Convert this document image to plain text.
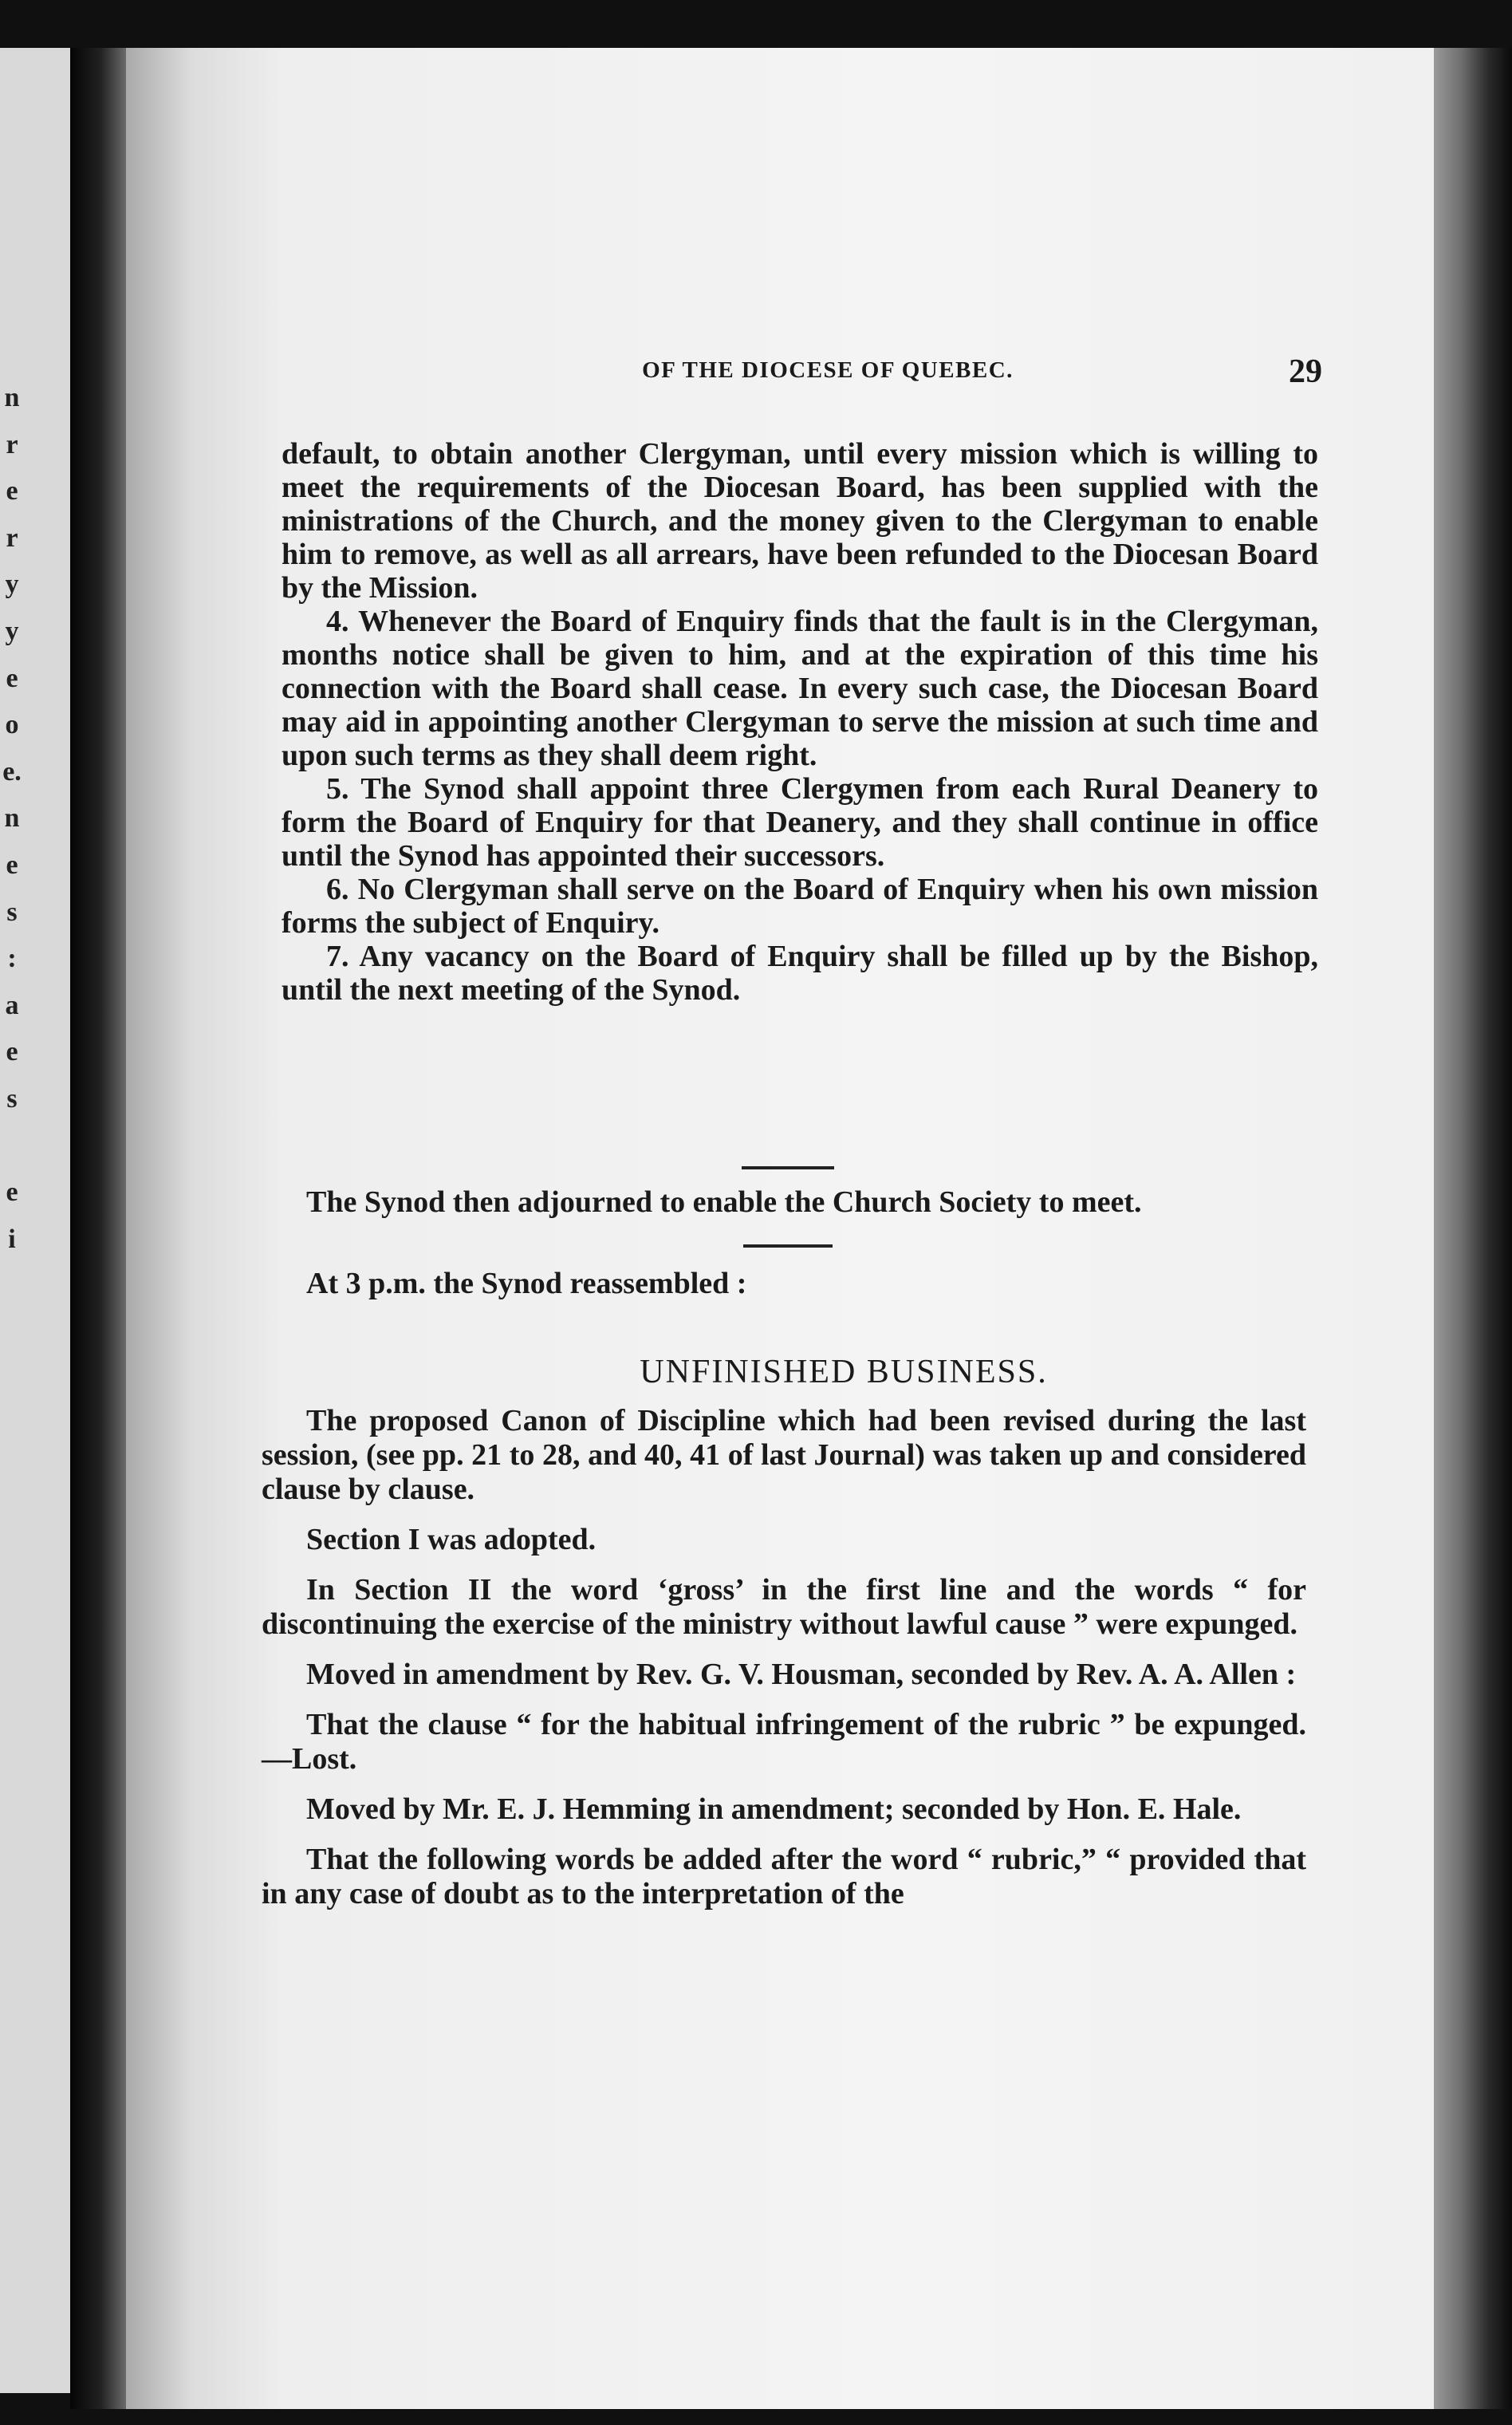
n
r
e
r
y
y
e
o
e.
n
e
s
:
a
e
s

e
i
OF THE DIOCESE OF QUEBEC.	29

default, to obtain another Clergyman, until every mission which is willing to meet the requirements of the Diocesan Board, has been supplied with the ministrations of the Church, and the money given to the Clergyman to enable him to remove, as well as all arrears, have been refunded to the Diocesan Board by the Mission.

4. Whenever the Board of Enquiry finds that the fault is in the Clergyman, months notice shall be given to him, and at the expiration of this time his connection with the Board shall cease. In every such case, the Diocesan Board may aid in appointing another Clergyman to serve the mission at such time and upon such terms as they shall deem right.

5. The Synod shall appoint three Clergymen from each Rural Deanery to form the Board of Enquiry for that Deanery, and they shall continue in office until the Synod has appointed their successors.

6. No Clergyman shall serve on the Board of Enquiry when his own mission forms the subject of Enquiry.

7. Any vacancy on the Board of Enquiry shall be filled up by the Bishop, until the next meeting of the Synod.

The Synod then adjourned to enable the Church Society to meet.
At 3 p.m. the Synod reassembled :
UNFINISHED BUSINESS.

The proposed Canon of Discipline which had been revised during the last session, (see pp. 21 to 28, and 40, 41 of last Journal) was taken up and considered clause by clause.

Section I was adopted.

In Section II the word ‘gross’ in the first line and the words “ for discontinuing the exercise of the ministry without lawful cause ” were expunged.

Moved in amendment by Rev. G. V. Housman, seconded by Rev. A. A. Allen :

That the clause “ for the habitual infringement of the rubric ” be expunged.—Lost.

Moved by Mr. E. J. Hemming in amendment; seconded by Hon. E. Hale.

That the following words be added after the word “ rubric,” “ provided that in any case of doubt as to the interpretation of the
